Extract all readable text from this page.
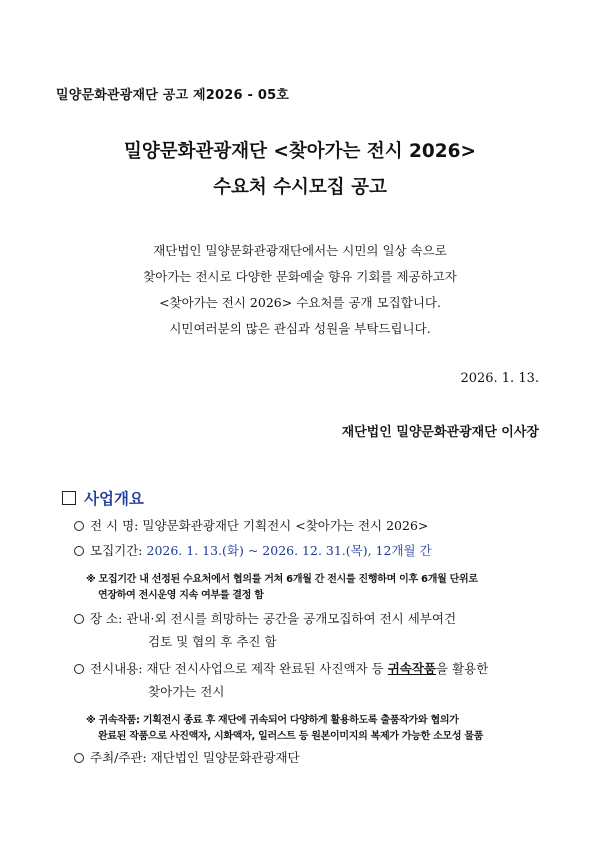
밀양문화관광재단 공고 제2026 - 05호
밀양문화관광재단 <찾아가는 전시 2026>
수요처 수시모집 공고
재단법인 밀양문화관광재단에서는 시민의 일상 속으로
찾아가는 전시로 다양한 문화예술 향유 기회를 제공하고자
<찾아가는 전시 2026> 수요처를 공개 모집합니다.
시민여러분의 많은 관심과 성원을 부탁드립니다.
2026. 1. 13.
재단법인 밀양문화관광재단 이사장
사업개요
전 시 명: 밀양문화관광재단 기획전시 <찾아가는 전시 2026>
모집기간: 2026. 1. 13.(화) ~ 2026. 12. 31.(목), 12개월 간
※ 모집기간 내 선정된 수요처에서 협의를 거쳐 6개월 간 전시를 진행하며 이후 6개월 단위로
연장하여 전시운영 지속 여부를 결정 함
장 소: 관내·외 전시를 희망하는 공간을 공개모집하여 전시 세부여건
검토 및 협의 후 추진 함
전시내용: 재단 전시사업으로 제작 완료된 사진액자 등 귀속작품을 활용한
찾아가는 전시
※ 귀속작품: 기획전시 종료 후 재단에 귀속되어 다양하게 활용하도록 출품작가와 협의가
완료된 작품으로 사진액자, 시화액자, 일러스트 등 원본이미지의 복제가 가능한 소모성 물품
주최/주관: 재단법인 밀양문화관광재단
